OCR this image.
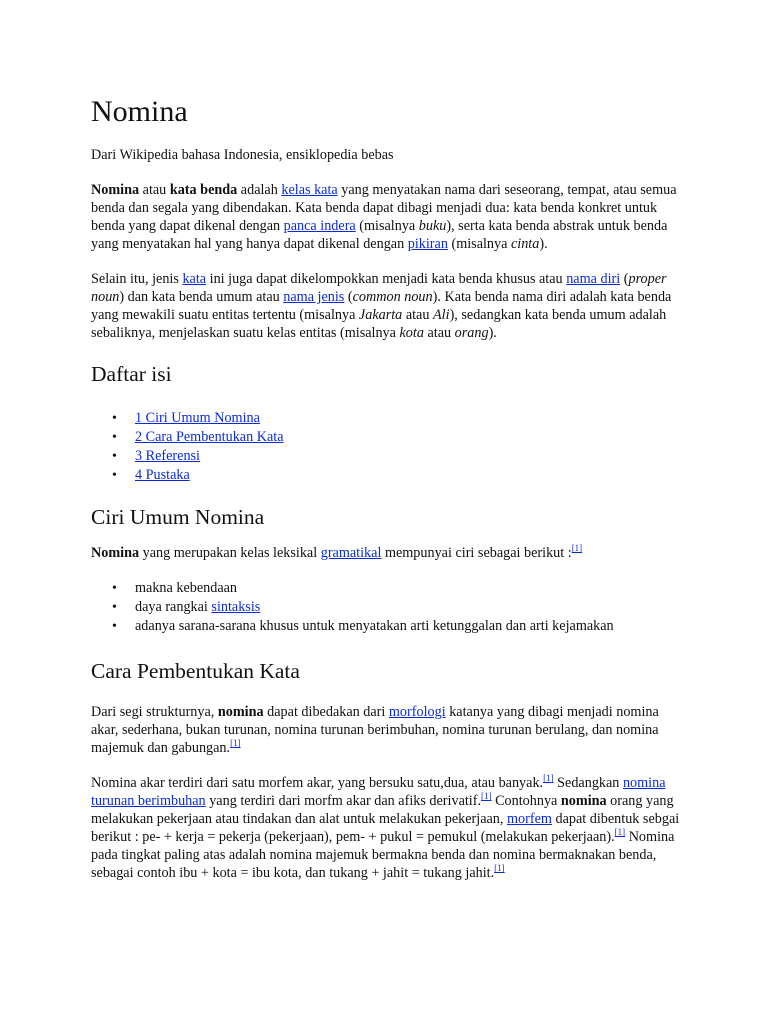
Nomina

Dari Wikipedia bahasa Indonesia, ensiklopedia bebas

Nomina atau kata benda adalah kelas kata yang menyatakan nama dari seseorang, tempat, atau semua benda dan segala yang dibendakan. Kata benda dapat dibagi menjadi dua: kata benda konkret untuk benda yang dapat dikenal dengan panca indera (misalnya buku), serta kata benda abstrak untuk benda yang menyatakan hal yang hanya dapat dikenal dengan pikiran (misalnya cinta).

Selain itu, jenis kata ini juga dapat dikelompokkan menjadi kata benda khusus atau nama diri (proper noun) dan kata benda umum atau nama jenis (common noun). Kata benda nama diri adalah kata benda yang mewakili suatu entitas tertentu (misalnya Jakarta atau Ali), sedangkan kata benda umum adalah sebaliknya, menjelaskan suatu kelas entitas (misalnya kota atau orang).

Daftar isi
• 1 Ciri Umum Nomina
• 2 Cara Pembentukan Kata
• 3 Referensi
• 4 Pustaka
Ciri Umum Nomina

Nomina yang merupakan kelas leksikal gramatikal mempunyai ciri sebagai berikut :[1]

• makna kebendaan
• daya rangkai sintaksis
• adanya sarana-sarana khusus untuk menyatakan arti ketunggalan dan arti kejamakan
Cara Pembentukan Kata

Dari segi strukturnya, nomina dapat dibedakan dari morfologi katanya yang dibagi menjadi nomina akar, sederhana, bukan turunan, nomina turunan berimbuhan, nomina turunan berulang, dan nomina majemuk dan gabungan.[1]

Nomina akar terdiri dari satu morfem akar, yang bersuku satu,dua, atau banyak.[1] Sedangkan nomina turunan berimbuhan yang terdiri dari morfm akar dan afiks derivatif.[1] Contohnya nomina orang yang melakukan pekerjaan atau tindakan dan alat untuk melakukan pekerjaan, morfem dapat dibentuk sebgai berikut : pe- + kerja = pekerja (pekerjaan), pem- + pukul = pemukul (melakukan pekerjaan).[1] Nomina pada tingkat paling atas adalah nomina majemuk bermakna benda dan nomina bermaknakan benda, sebagai contoh ibu + kota = ibu kota, dan tukang + jahit = tukang jahit.[1]
